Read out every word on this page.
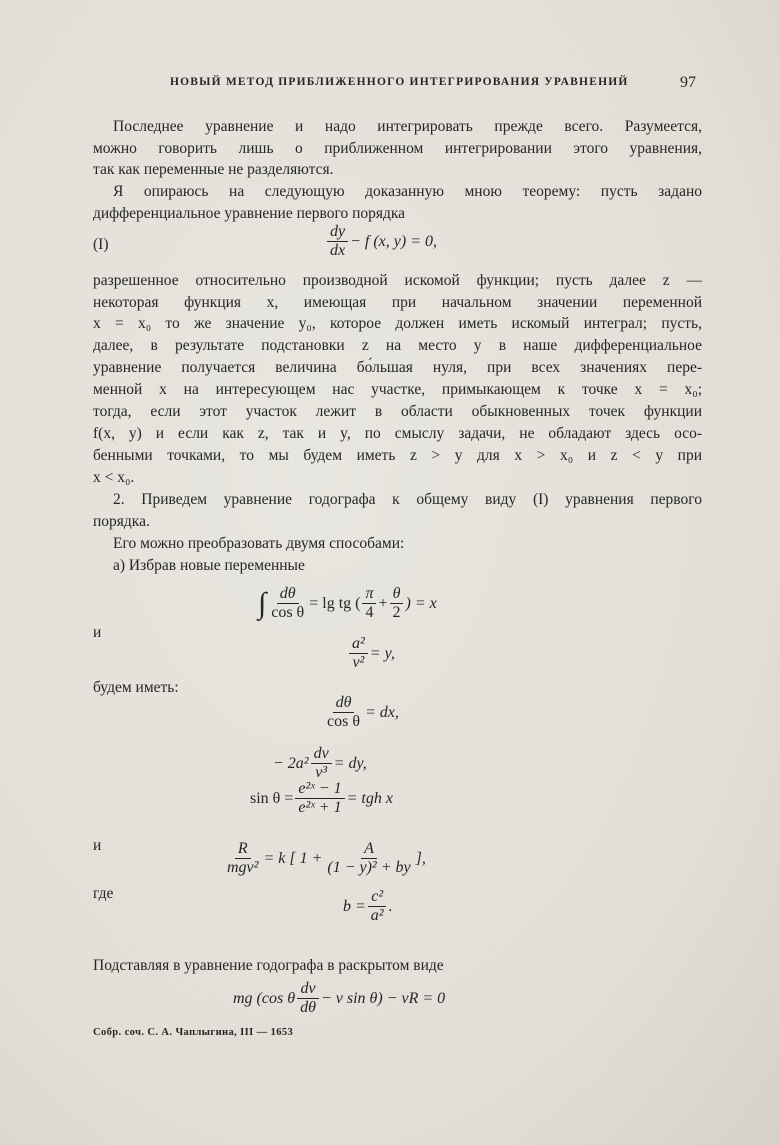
НОВЫЙ МЕТОД ПРИБЛИЖЕННОГО ИНТЕГРИРОВАНИЯ УРАВНЕНИЙ	97
Последнее уравнение и надо интегрировать прежде всего. Разумеется,
можно говорить лишь о приближенном интегрировании этого уравнения,
так как переменные не разделяются.
Я опираюсь на следующую доказанную мною теорему: пусть задано
дифференциальное уравнение первого порядка
разрешенное относительно производной искомой функции; пусть далее z —
некоторая функция x, имеющая при начальном значении переменной
x = x₀ то же значение y₀, которое должен иметь искомый интеграл; пусть,
далее, в результате подстановки z на место y в наше дифференциальное
уравнение получается величина бо́льшая нуля, при всех значениях пере-
менной x на интересующем нас участке, примыкающем к точке x = x₀;
тогда, если этот участок лежит в области обыкновенных точек функции
f(x, y) и если как z, так и y, по смыслу задачи, не обладают здесь осо-
бенными точками, то мы будем иметь z > y для x > x₀ и z < y при
x < x₀.
2. Приведем уравнение годографа к общему виду (I) уравнения первого
порядка.
Его можно преобразовать двумя способами:
а) Избрав новые переменные
(I)	$\frac{dy}{dx} - f$ (x, y) = 0,
∫ $\frac{d\theta}{\text{cos θ}} = \lg$ tg ( $\frac{\pi}{4} + \frac{\theta}{2}$ ) = x
и
$\frac{\text{a²}}{\text{v²}} = y$,
будем иметь:
$\frac{d\theta}{\text{cos θ}}$ = dx,
− $2a^2 \frac{dv}{\text{v³}}$ = dy,
$\sin \theta = \frac{\text{e²ˣ − 1}}{\text{e²ˣ + 1}}$ = tgh x
и	$\frac{R}{\text{mgv²}} = k$ [ $1 + \frac{A}{\text{(1 − y)² + by}}$ ],
где
$b = \frac{\text{c²}}{\text{a²}}$ .
Подставляя в уравнение годографа в раскрытом виде
mg (cos θ $\frac{dv}{d\theta} - v$ sin θ) − vR = 0
Собр. соч. С. А. Чаплыгина, III — 1653
